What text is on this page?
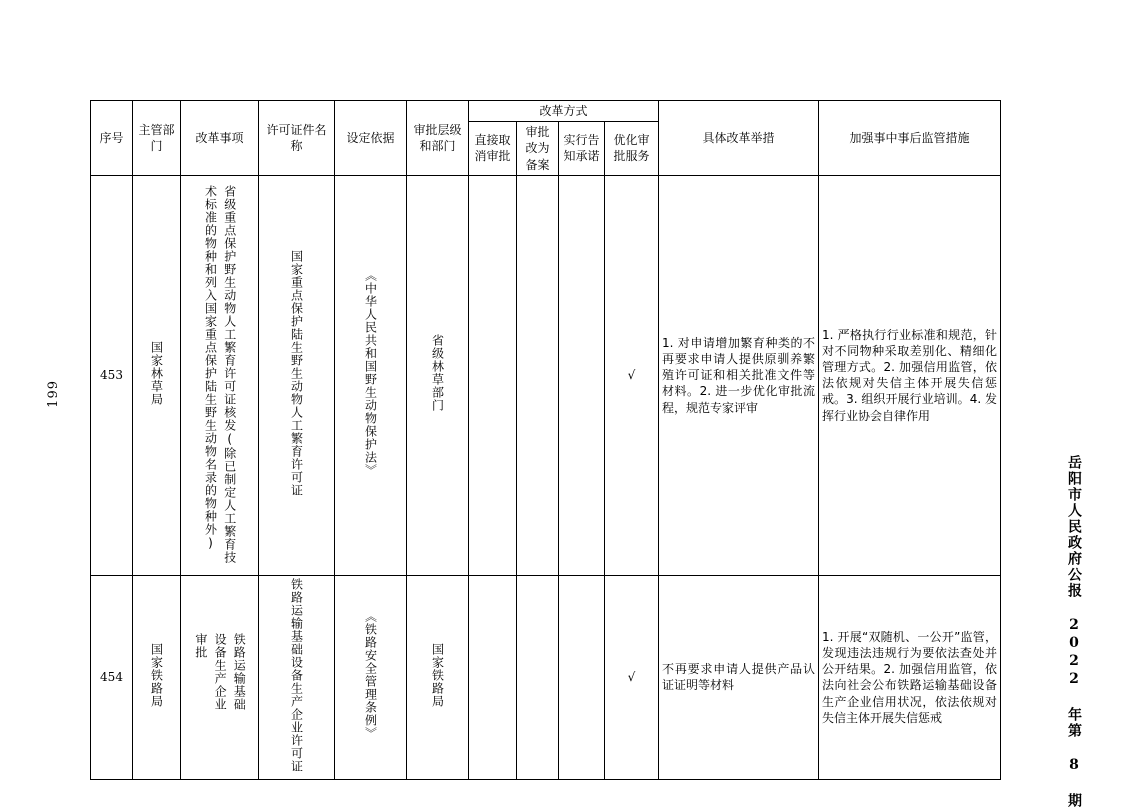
199
岳阳市人民政府公报 2022 年第 8 期
序号	主管部门	改革事项	许可证件名称	设定依据	审批层级和部门	改革方式				具体改革举措	加强事中事后监管措施
						直接取消审批	审批改为备案	实行告知承诺	优化审批服务		
453	国家林草局	省级重点保护野生动物人工繁育许可证核发(除已制定人工繁育技术标准的物种和列入国家重点保护陆生野生动物名录的物种外)	国家重点保护陆生野生动物人工繁育许可证	《中华人民共和国野生动物保护法》	省级林草部门				√	1. 对申请增加繁育种类的不再要求申请人提供原驯养繁殖许可证和相关批准文件等材料。2. 进一步优化审批流程，规范专家评审	1. 严格执行行业标准和规范，针对不同物种采取差别化、精细化管理方式。2. 加强信用监管，依法依规对失信主体开展失信惩戒。3. 组织开展行业培训。4. 发挥行业协会自律作用
454	国家铁路局	铁路运输基础设备生产企业审批	铁路运输基础设备生产企业许可证	《铁路安全管理条例》	国家铁路局				√	不再要求申请人提供产品认证证明等材料	1. 开展“双随机、一公开”监管，发现违法违规行为要依法查处并公开结果。2. 加强信用监管，依法向社会公布铁路运输基础设备生产企业信用状况，依法依规对失信主体开展失信惩戒
